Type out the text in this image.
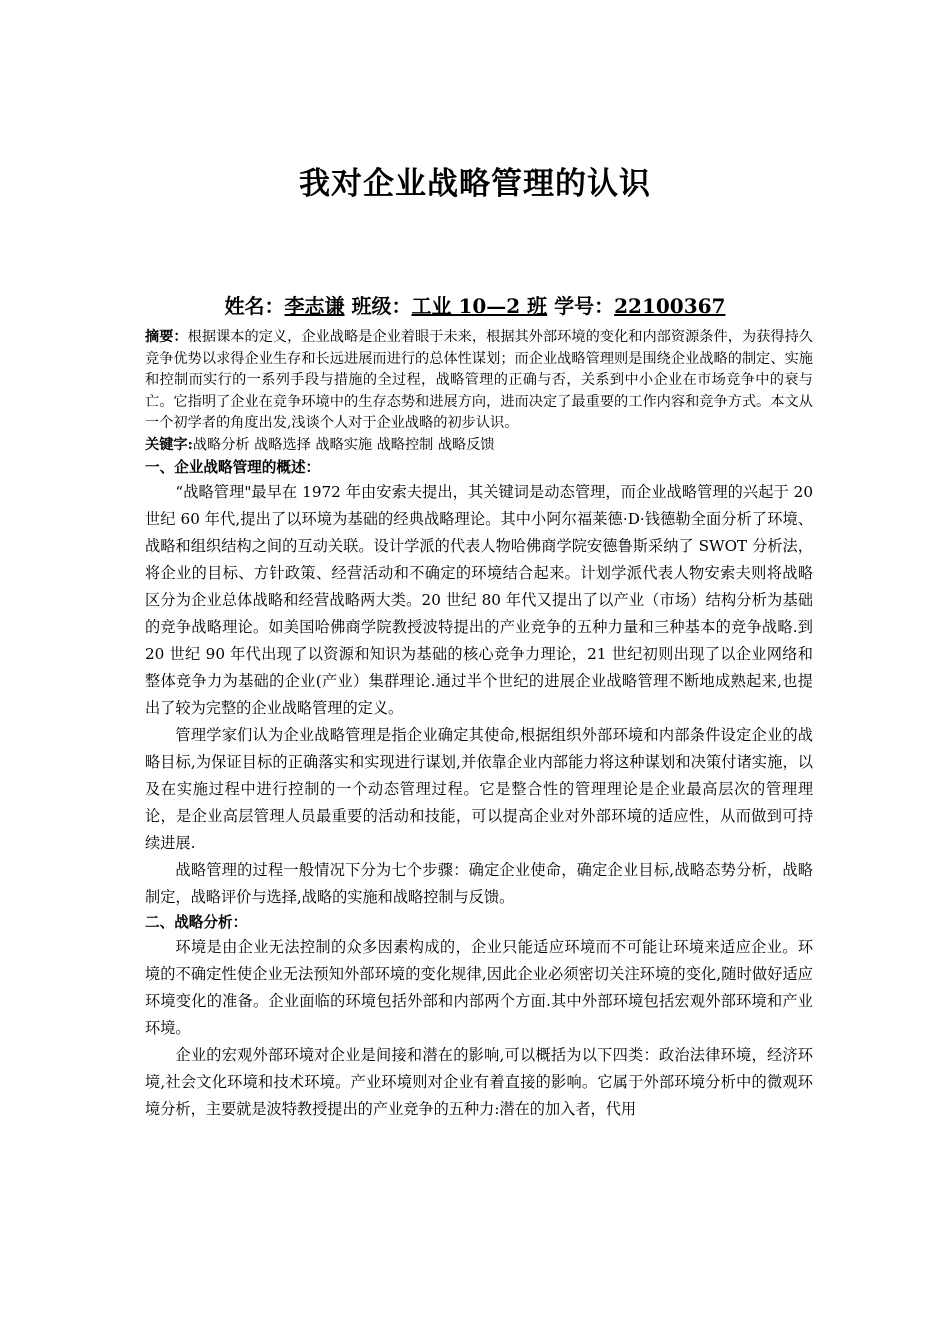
我对企业战略管理的认识
姓名：李志谦 班级：工业 10—2 班 学号：22100367

摘要：根据课本的定义，企业战略是企业着眼于未来，根据其外部环境的变化和内部资源条件，为获得持久竞争优势以求得企业生存和长远进展而进行的总体性谋划；而企业战略管理则是围绕企业战略的制定、实施和控制而实行的一系列手段与措施的全过程，战略管理的正确与否，关系到中小企业在市场竞争中的衰与亡。它指明了企业在竞争环境中的生存态势和进展方向，进而决定了最重要的工作内容和竞争方式。本文从一个初学者的角度出发,浅谈个人对于企业战略的初步认识。

关键字:战略分析 战略选择 战略实施 战略控制 战略反馈

一、企业战略管理的概述：

“战略管理"最早在 1972 年由安索夫提出，其关键词是动态管理，而企业战略管理的兴起于 20 世纪 60 年代,提出了以环境为基础的经典战略理论。其中小阿尔福莱德·D·钱德勒全面分析了环境、战略和组织结构之间的互动关联。设计学派的代表人物哈佛商学院安德鲁斯采纳了 SWOT 分析法，将企业的目标、方针政策、经营活动和不确定的环境结合起来。计划学派代表人物安索夫则将战略区分为企业总体战略和经营战略两大类。20 世纪 80 年代又提出了以产业（市场）结构分析为基础的竞争战略理论。如美国哈佛商学院教授波特提出的产业竞争的五种力量和三种基本的竞争战略.到 20 世纪 90 年代出现了以资源和知识为基础的核心竞争力理论，21 世纪初则出现了以企业网络和整体竞争力为基础的企业(产业）集群理论.通过半个世纪的进展企业战略管理不断地成熟起来,也提出了较为完整的企业战略管理的定义。

管理学家们认为企业战略管理是指企业确定其使命,根据组织外部环境和内部条件设定企业的战略目标,为保证目标的正确落实和实现进行谋划,并依靠企业内部能力将这种谋划和决策付诸实施，以及在实施过程中进行控制的一个动态管理过程。它是整合性的管理理论是企业最高层次的管理理论，是企业高层管理人员最重要的活动和技能，可以提高企业对外部环境的适应性，从而做到可持续进展.

战略管理的过程一般情况下分为七个步骤：确定企业使命，确定企业目标,战略态势分析，战略制定，战略评价与选择,战略的实施和战略控制与反馈。

二、战略分析：

环境是由企业无法控制的众多因素构成的，企业只能适应环境而不可能让环境来适应企业。环境的不确定性使企业无法预知外部环境的变化规律,因此企业必须密切关注环境的变化,随时做好适应环境变化的准备。企业面临的环境包括外部和内部两个方面.其中外部环境包括宏观外部环境和产业环境。

企业的宏观外部环境对企业是间接和潜在的影响,可以概括为以下四类：政治法律环境，经济环境,社会文化环境和技术环境。产业环境则对企业有着直接的影响。它属于外部环境分析中的微观环境分析，主要就是波特教授提出的产业竞争的五种力:潜在的加入者，代用
